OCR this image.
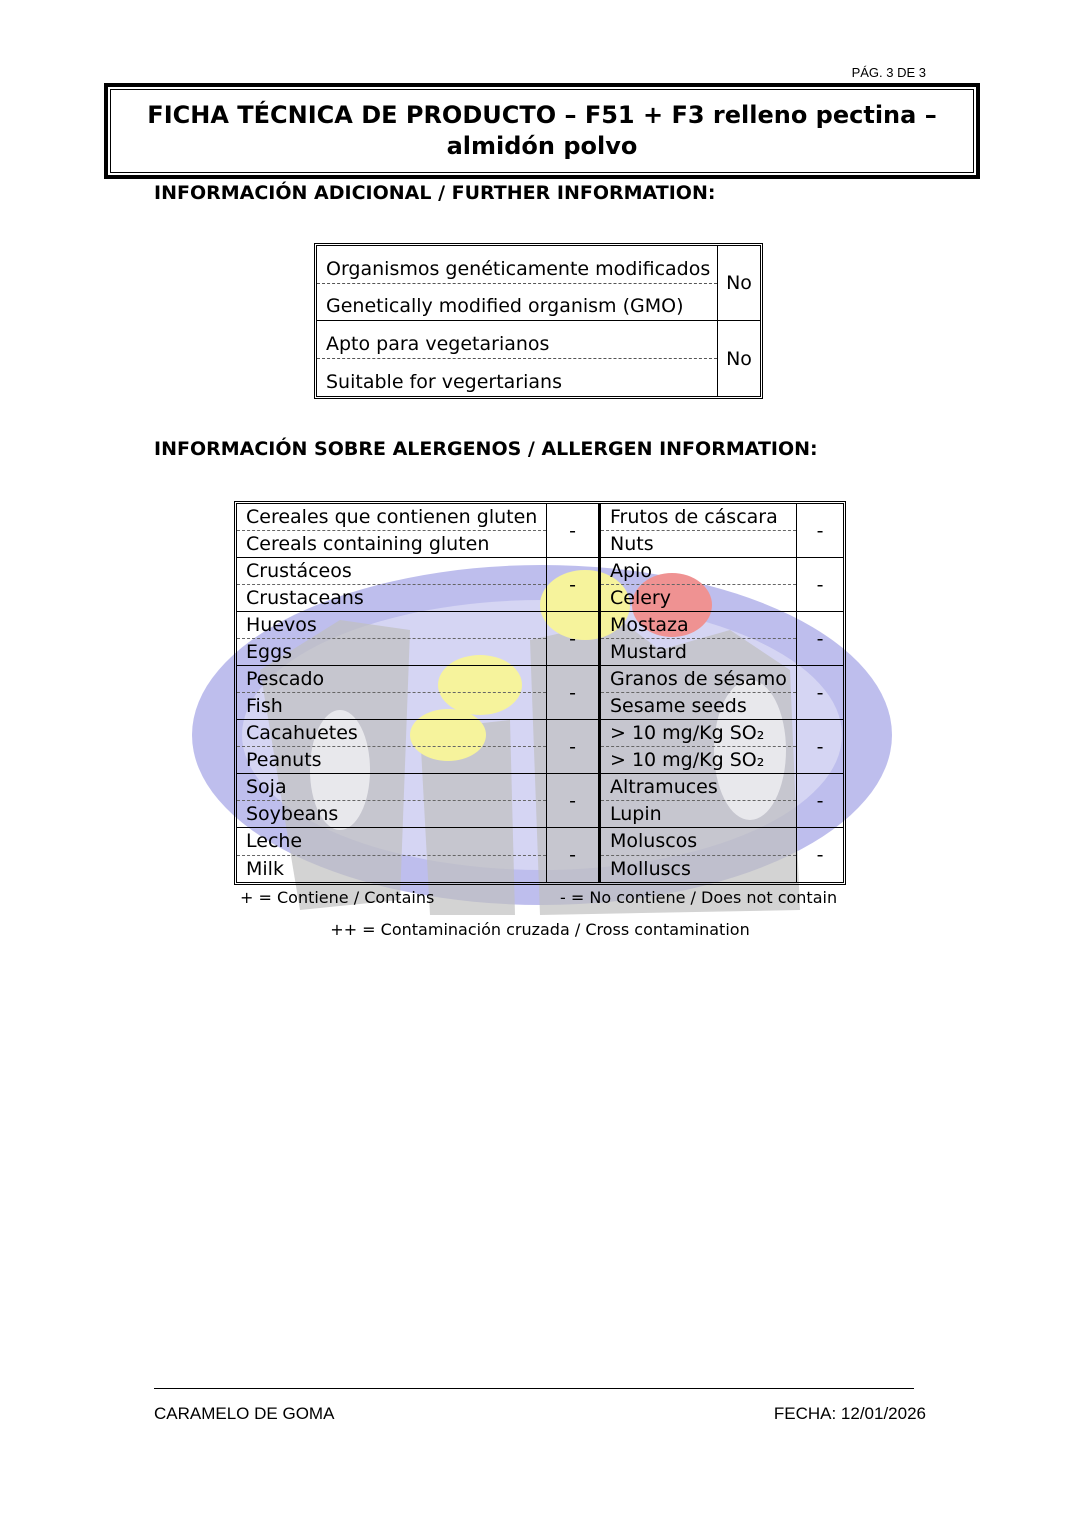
PÁG. 3 DE 3
FICHA TÉCNICA DE PRODUCTO – F51 + F3 relleno pectina –
almidón polvo
INFORMACIÓN ADICIONAL / FURTHER INFORMATION:
Organismos genéticamente modificados
Genetically modified organism (GMO)
No
Apto para vegetarianos
Suitable for vegertarians
No
INFORMACIÓN SOBRE ALERGENOS / ALLERGEN INFORMATION:
Cereales que contienen gluten
Cereals containing gluten
-
Frutos de cáscara
Nuts
-
Crustáceos
Crustaceans
-
Apio
Celery
-
Huevos
Eggs
-
Mostaza
Mustard
-
Pescado
Fish
-
Granos de sésamo
Sesame seeds
-
Cacahuetes
Peanuts
-
> 10 mg/Kg SO₂
> 10 mg/Kg SO₂
-
Soja
Soybeans
-
Altramuces
Lupin
-
Leche
Milk
-
Moluscos
Molluscs
-
+ = Contiene / Contains	- = No contiene / Does not contain
++ = Contaminación cruzada / Cross contamination
CARAMELO DE GOMA	FECHA: 12/01/2026
